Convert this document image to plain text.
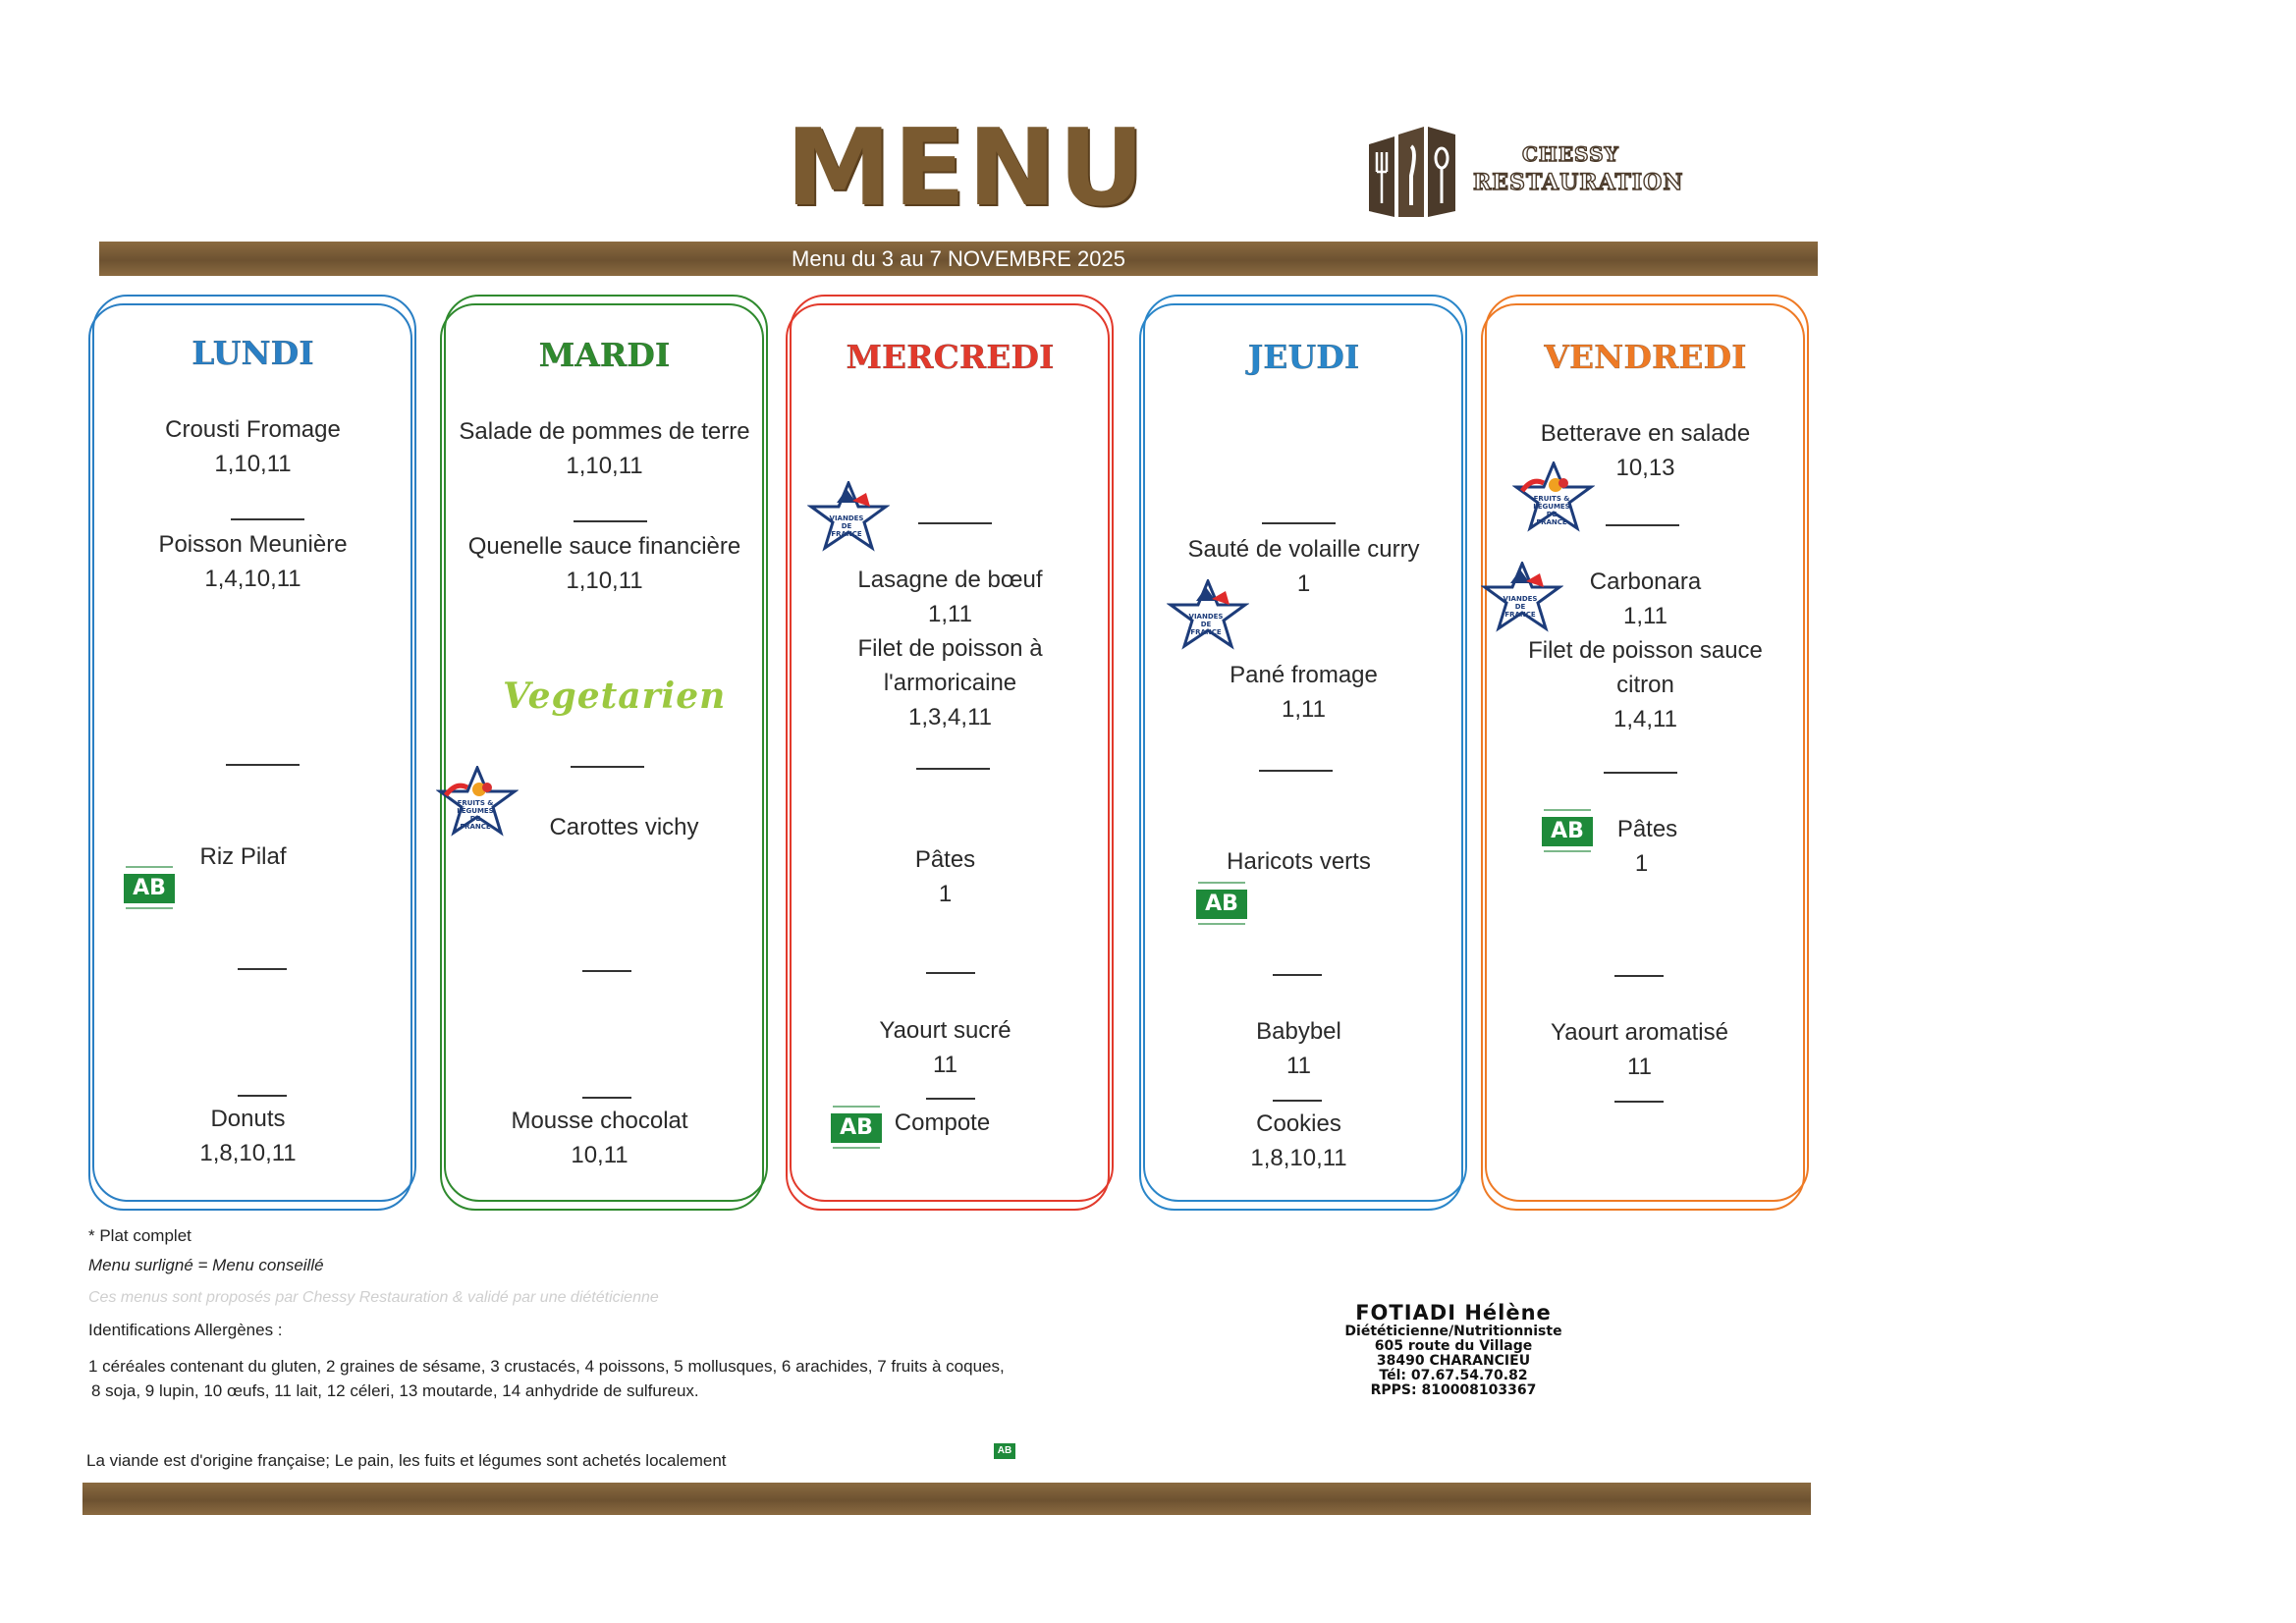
MENU	CHESSY
RESTAURATION
Menu du 3 au 7 NOVEMBRE 2025
LUNDI
Crousti Fromage
1,10,11
Poisson Meunière
1,4,10,11
Riz Pilaf
AB
Donuts
1,8,10,11
MARDI
Salade de pommes de terre
1,10,11
Quenelle sauce financière
1,10,11
FRUITS & LÉGUMES DE FRANCE	Carottes vichy
Mousse chocolat
10,11
Vegetarien
MERCREDI
VIANDES DE FRANCE
Lasagne de bœuf
1,11
Filet de poisson à
l'armoricaine
1,3,4,11
Pâtes
1
Yaourt sucré
11
AB Compote
JEUDI
Sauté de volaille curry
1
VIANDES DE FRANCE
Pané fromage
1,11
Haricots verts
AB
Babybel
11
Cookies
1,8,10,11
VENDREDI
Betterave en salade
10,13
FRUITS & LÉGUMES DE FRANCE
VIANDES DE FRANCE
Carbonara
1,11
Filet de poisson sauce
citron
1,4,11
AB	Pâtes
1
Yaourt aromatisé
11
* Plat complet
Menu surligné = Menu conseillé
Ces menus sont proposés par Chessy Restauration & validé par une diététicienne
Identifications Allergènes :
1 céréales contenant du gluten, 2 graines de sésame, 3 crustacés, 4 poissons, 5 mollusques, 6 arachides, 7 fruits à coques,
8 soja, 9 lupin, 10 œufs, 11 lait, 12 céleri, 13 moutarde, 14 anhydride de sulfureux.
La viande est d'origine française; Le pain, les fuits et légumes sont achetés localement
AB
FOTIADI Hélène
Diététicienne/Nutritionniste
605 route du Village
38490 CHARANCIEU
Tél: 07.67.54.70.82
RPPS: 810008103367
